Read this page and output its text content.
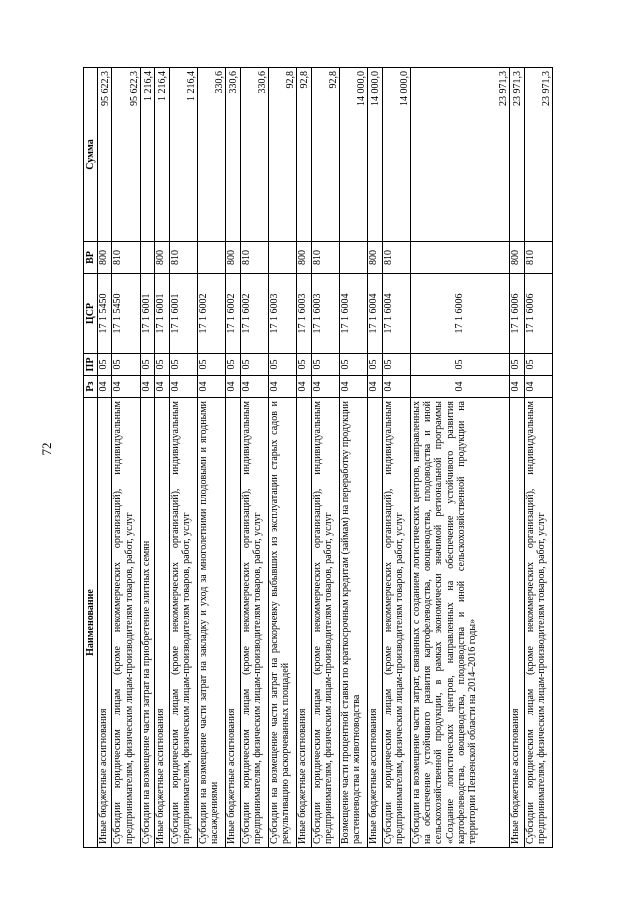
72
Наименование	Рз	ПР	ЦСР	ВР	Сумма
Иные бюджетные ассигнования	04	05	17 1 5450	800	95 622,3
Субсидии юридическим лицам (кроме некоммерческих организаций), индивидуальным предпринимателям, физическим лицам-производителям товаров, работ, услуг	04	05	17 1 5450	810	95 622,3
Субсидии на возмещение части затрат на приобретение элитных семян	04	05	17 1 6001		1 216,4
Иные бюджетные ассигнования	04	05	17 1 6001	800	1 216,4
Субсидии юридическим лицам (кроме некоммерческих организаций), индивидуальным предпринимателям, физическим лицам-производителям товаров, работ, услуг	04	05	17 1 6001	810	1 216,4
Субсидии на возмещение части затрат на закладку и уход за многолетними плодовыми и ягодными насаждениями	04	05	17 1 6002		330,6
Иные бюджетные ассигнования	04	05	17 1 6002	800	330,6
Субсидии юридическим лицам (кроме некоммерческих организаций), индивидуальным предпринимателям, физическим лицам-производителям товаров, работ, услуг	04	05	17 1 6002	810	330,6
Субсидии на возмещение части затрат на раскорчевку выбывших из эксплуатации старых садов и рекультивацию раскорчеванных площадей	04	05	17 1 6003		92,8
Иные бюджетные ассигнования	04	05	17 1 6003	800	92,8
Субсидии юридическим лицам (кроме некоммерческих организаций), индивидуальным предпринимателям, физическим лицам-производителям товаров, работ, услуг	04	05	17 1 6003	810	92,8
Возмещение части процентной ставки по краткосрочным кредитам (займам) на переработку продукции растениеводства и животноводства	04	05	17 1 6004		14 000,0
Иные бюджетные ассигнования	04	05	17 1 6004	800	14 000,0
Субсидии юридическим лицам (кроме некоммерческих организаций), индивидуальным предпринимателям, физическим лицам-производителям товаров, работ, услуг	04	05	17 1 6004	810	14 000,0
Субсидии на возмещение части затрат, связанных с созданием логистических центров, направленных на обеспечение устойчивого развития картофелеводства, овощеводства, плодоводства и иной сельскохозяйственной продукции, в рамках экономически значимой региональной программы «Создание логистических центров, направленных на обеспечение устойчивого развития картофелеводства, овощеводства, плодоводства и иной сельскохозяйственной продукции на территории Пензенской области на 2014–2016 годы»	04	05	17 1 6006		23 971,3
Иные бюджетные ассигнования	04	05	17 1 6006	800	23 971,3
Субсидии юридическим лицам (кроме некоммерческих организаций), индивидуальным предпринимателям, физическим лицам-производителям товаров, работ, услуг	04	05	17 1 6006	810	23 971,3
